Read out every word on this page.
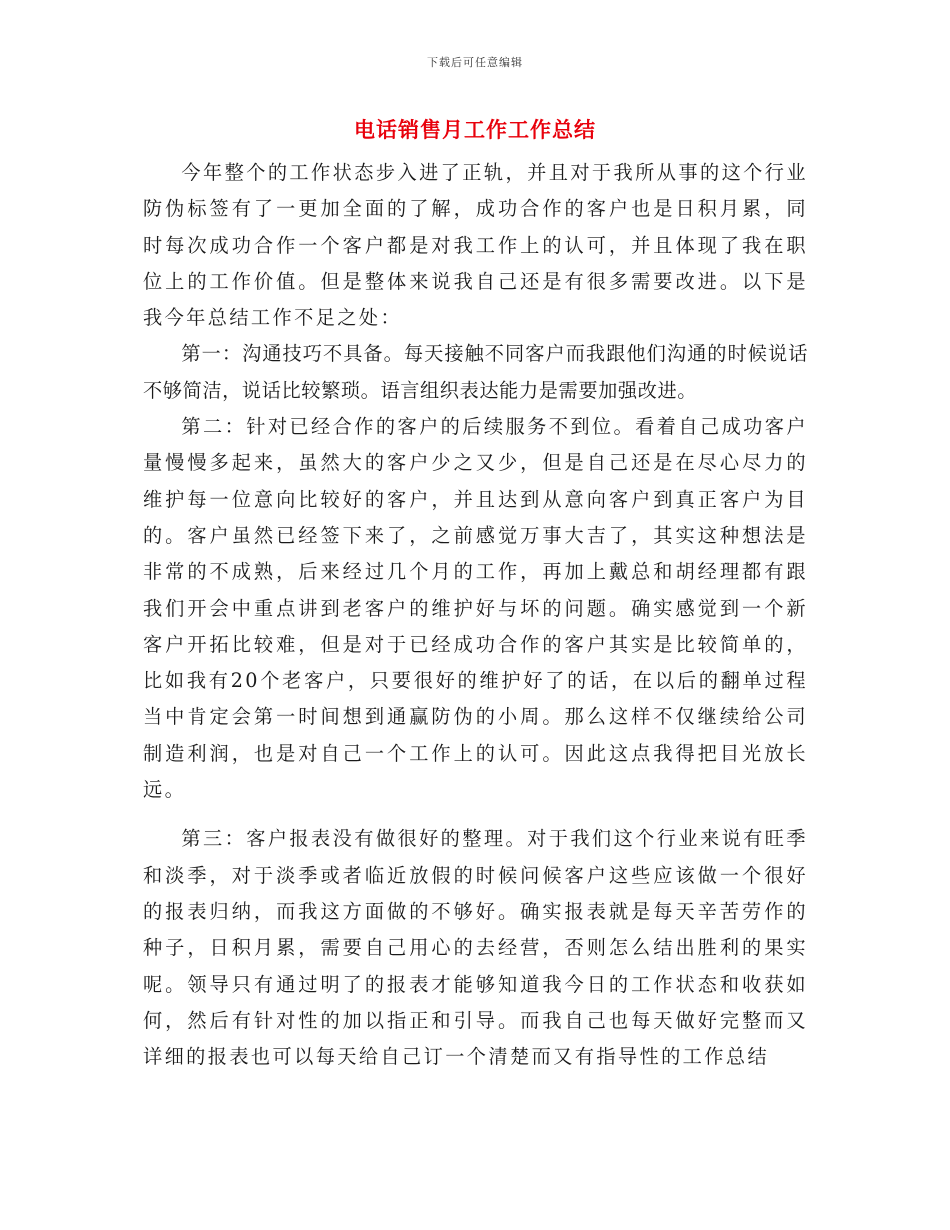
下载后可任意编辑
电话销售月工作工作总结

今年整个的工作状态步入进了正轨，并且对于我所从事的这个行业防伪标签有了一更加全面的了解，成功合作的客户也是日积月累，同时每次成功合作一个客户都是对我工作上的认可，并且体现了我在职位上的工作价值。但是整体来说我自己还是有很多需要改进。以下是我今年总结工作不足之处：

第一：沟通技巧不具备。每天接触不同客户而我跟他们沟通的时候说话不够简洁，说话比较繁琐。语言组织表达能力是需要加强改进。

第二：针对已经合作的客户的后续服务不到位。看着自己成功客户量慢慢多起来，虽然大的客户少之又少，但是自己还是在尽心尽力的维护每一位意向比较好的客户，并且达到从意向客户到真正客户为目的。客户虽然已经签下来了，之前感觉万事大吉了，其实这种想法是非常的不成熟，后来经过几个月的工作，再加上戴总和胡经理都有跟我们开会中重点讲到老客户的维护好与坏的问题。确实感觉到一个新客户开拓比较难，但是对于已经成功合作的客户其实是比较简单的，比如我有20个老客户，只要很好的维护好了的话，在以后的翻单过程当中肯定会第一时间想到通赢防伪的小周。那么这样不仅继续给公司制造利润，也是对自己一个工作上的认可。因此这点我得把目光放长远。

第三：客户报表没有做很好的整理。对于我们这个行业来说有旺季和淡季，对于淡季或者临近放假的时候问候客户这些应该做一个很好的报表归纳，而我这方面做的不够好。确实报表就是每天辛苦劳作的种子，日积月累，需要自己用心的去经营，否则怎么结出胜利的果实呢。领导只有通过明了的报表才能够知道我今日的工作状态和收获如何，然后有针对性的加以指正和引导。而我自己也每天做好完整而又详细的报表也可以每天给自己订一个清楚而又有指导性的工作总结
